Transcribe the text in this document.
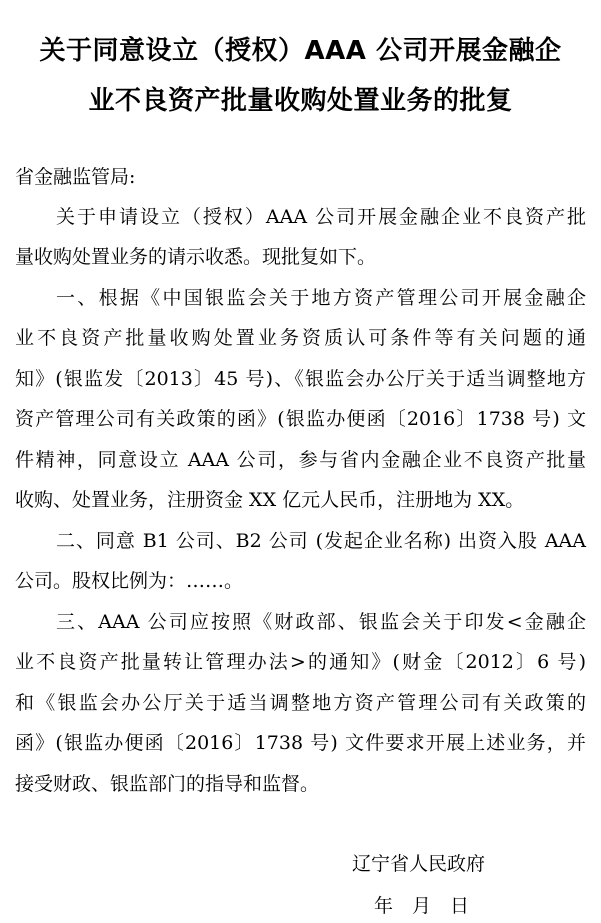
关于同意设立（授权）AAA 公司开展金融企
业不良资产批量收购处置业务的批复
省金融监管局:
关于申请设立（授权）AAA 公司开展金融企业不良资产批
量收购处置业务的请示收悉。现批复如下。
一、根据《中国银监会关于地方资产管理公司开展金融企
业不良资产批量收购处置业务资质认可条件等有关问题的通
知》(银监发〔2013〕45 号)、《银监会办公厅关于适当调整地方
资产管理公司有关政策的函》(银监办便函〔2016〕1738 号) 文
件精神，同意设立 AAA 公司，参与省内金融企业不良资产批量
收购、处置业务，注册资金 XX 亿元人民币，注册地为 XX。
二、同意 B1 公司、B2 公司 (发起企业名称) 出资入股 AAA
公司。股权比例为：……。
三、AAA 公司应按照《财政部、银监会关于印发<金融企
业不良资产批量转让管理办法>的通知》(财金〔2012〕6 号)
和《银监会办公厅关于适当调整地方资产管理公司有关政策的
函》(银监办便函〔2016〕1738 号) 文件要求开展上述业务，并
接受财政、银监部门的指导和监督。
辽宁省人民政府
年　月　日
